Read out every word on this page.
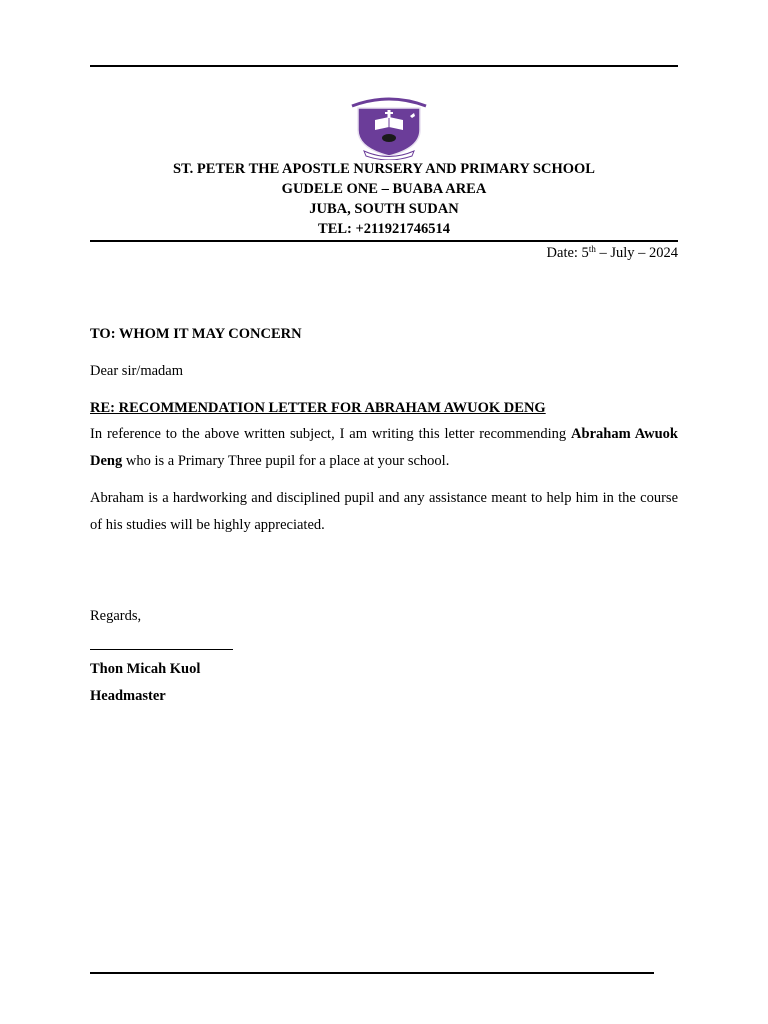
ST. PETER THE APOSTLE NURSERY AND PRIMARY SCHOOL
GUDELE ONE – BUABA AREA
JUBA, SOUTH SUDAN
TEL: +211921746514
Date: 5th – July – 2024
TO: WHOM IT MAY CONCERN
Dear sir/madam
RE: RECOMMENDATION LETTER FOR ABRAHAM AWUOK DENG
In reference to the above written subject, I am writing this letter recommending Abraham Awuok Deng who is a Primary Three pupil for a place at your school.
Abraham is a hardworking and disciplined pupil and any assistance meant to help him in the course of his studies will be highly appreciated.
Regards,
Thon Micah Kuol
Headmaster
